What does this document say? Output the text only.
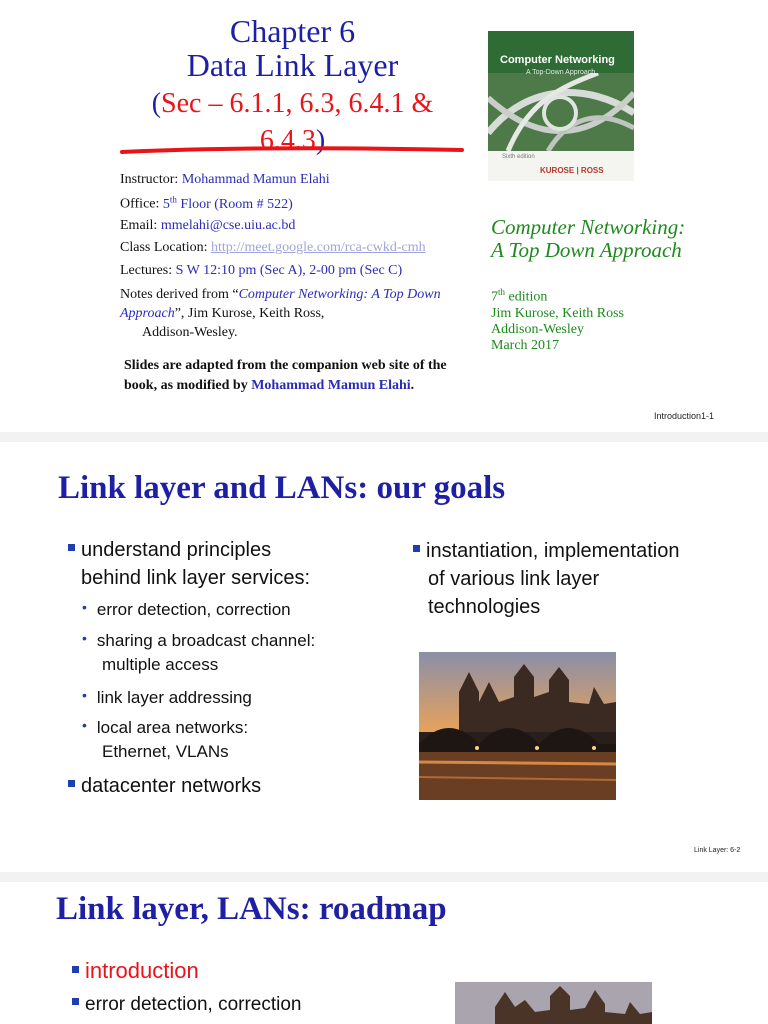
Chapter 6
Data Link Layer
(Sec – 6.1.1, 6.3, 6.4.1 &
6.4.3)
Computer Networking
A Top-Down Approach
Sixth edition
KUROSE | ROSS
Instructor: Mohammad Mamun Elahi
Office: 5th Floor (Room # 522)
Email: mmelahi@cse.uiu.ac.bd
Class Location: http://meet.google.com/rca-cwkd-cmh
Lectures: S W 12:10 pm (Sec A), 2-00 pm (Sec C)
Notes derived from “Computer Networking: A Top Down Approach”, Jim Kurose, Keith Ross,
Addison-Wesley.
Slides are adapted from the companion web site of the book, as modified by Mohammad Mamun Elahi.
Computer Networking: A Top Down Approach
7th edition
Jim Kurose, Keith Ross
Addison-Wesley
March 2017
Introduction1-1
Link layer and LANs: our goals
understand principles
behind link layer services:
• error detection, correction
• sharing a broadcast channel:
multiple access
• link layer addressing
• local area networks:
Ethernet, VLANs
datacenter networks
instantiation, implementation
of various link layer
technologies
Link Layer: 6-2
Link layer, LANs: roadmap
introduction
error detection, correction
